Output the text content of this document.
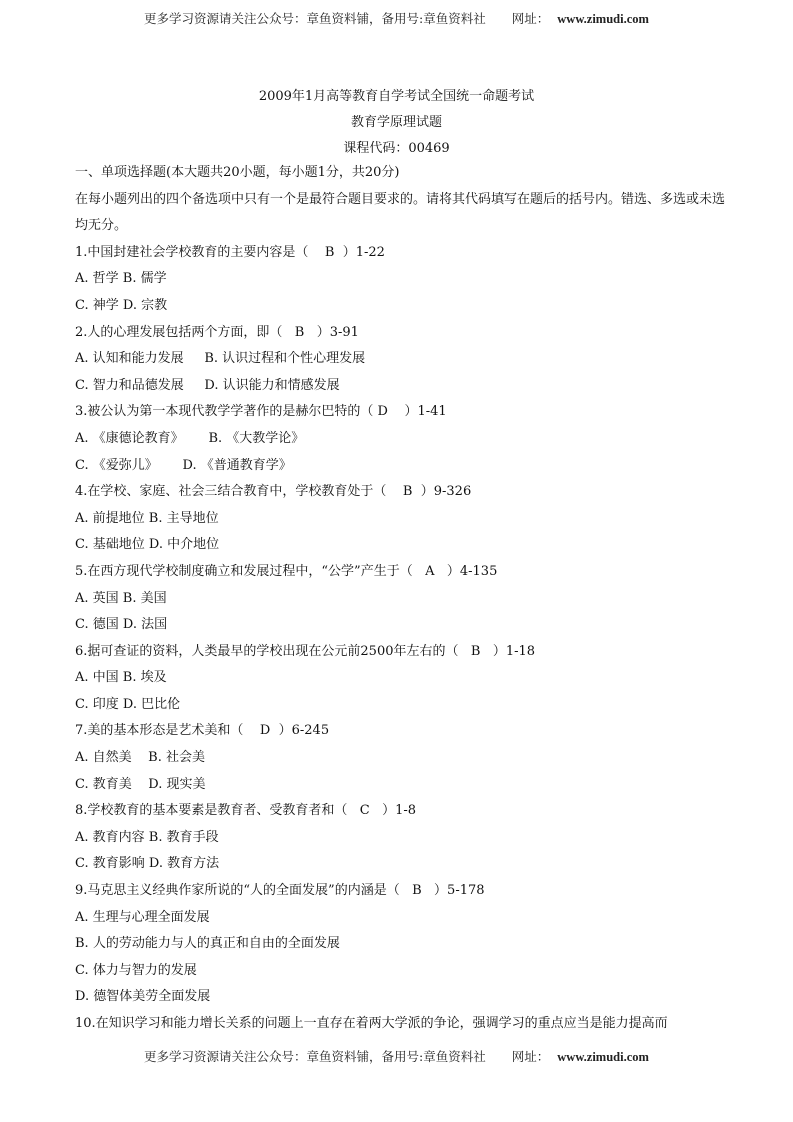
更多学习资源请关注公众号：章鱼资料铺，备用号:章鱼资料社 网址： www.zimudi.com
2009年1月高等教育自学考试全国统一命题考试
教育学原理试题
课程代码：00469
一、单项选择题(本大题共20小题，每小题1分，共20分)
在每小题列出的四个备选项中只有一个是最符合题目要求的。请将其代码填写在题后的括号内。错选、多选或未选均无分。
1.中国封建社会学校教育的主要内容是（    B  ）1-22
A. 哲学 B. 儒学
C. 神学 D. 宗教
2.人的心理发展包括两个方面，即（   B   ）3-91
A. 认知和能力发展     B. 认识过程和个性心理发展
C. 智力和品德发展     D. 认识能力和情感发展
3.被公认为第一本现代教学学著作的是赫尔巴特的（ D    ）1-41
A. 《康德论教育》      B. 《大教学论》
C. 《爱弥儿》      D. 《普通教育学》
4.在学校、家庭、社会三结合教育中，学校教育处于（    B  ）9-326
A. 前提地位 B. 主导地位
C. 基础地位 D. 中介地位
5.在西方现代学校制度确立和发展过程中，“公学”产生于（   A   ）4-135
A. 英国 B. 美国
C. 德国 D. 法国
6.据可查证的资料，人类最早的学校出现在公元前2500年左右的（   B   ）1-18
A. 中国 B. 埃及
C. 印度 D. 巴比伦
7.美的基本形态是艺术美和（    D  ）6-245
A. 自然美    B. 社会美
C. 教育美    D. 现实美
8.学校教育的基本要素是教育者、受教育者和（   C   ）1-8
A. 教育内容 B. 教育手段
C. 教育影响 D. 教育方法
9.马克思主义经典作家所说的“人的全面发展”的内涵是（   B   ）5-178
A. 生理与心理全面发展
B. 人的劳动能力与人的真正和自由的全面发展
C. 体力与智力的发展
D. 德智体美劳全面发展
10.在知识学习和能力增长关系的问题上一直存在着两大学派的争论，强调学习的重点应当是能力提高而
更多学习资源请关注公众号：章鱼资料铺，备用号:章鱼资料社 网址： www.zimudi.com
